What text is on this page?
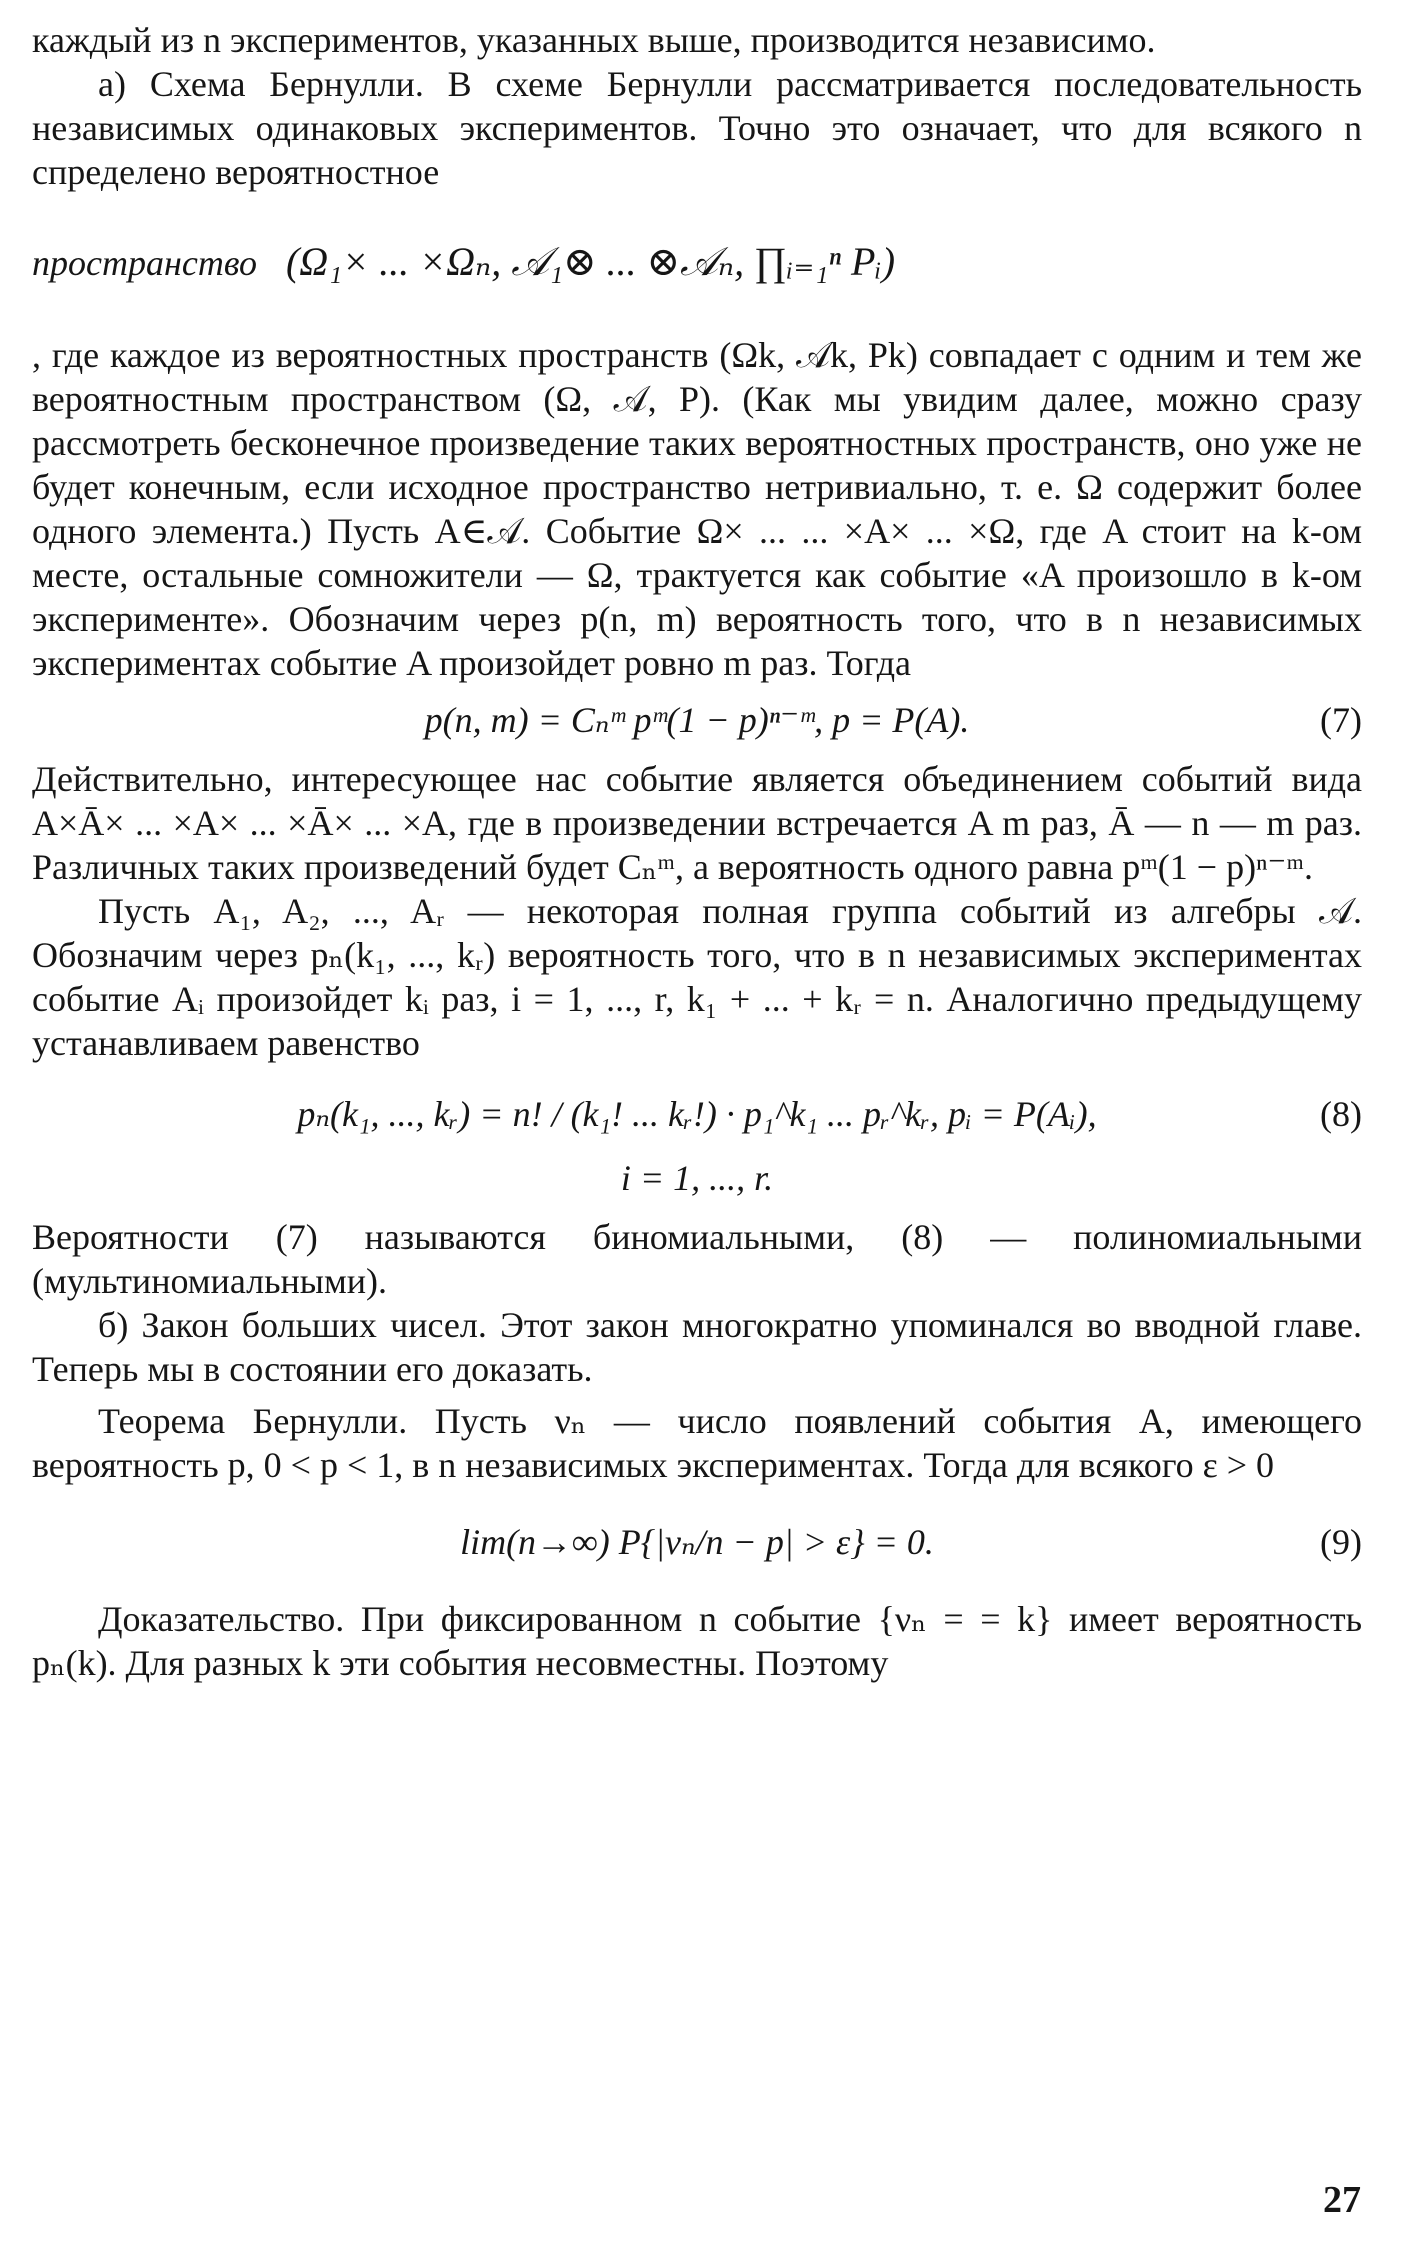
каждый из n экспериментов, указанных выше, производится независимо.

а) Схема Бернулли. В схеме Бернулли рассматривается последовательность независимых одинаковых экспериментов. Точно это означает, что для всякого n спределено вероятностное

пространство (Ω₁× ... ×Ωₙ, 𝒜₁⊗ ... ⊗𝒜ₙ, ∏ᵢ₌₁ⁿ Pᵢ)

, где каждое из вероятностных пространств (Ωk, 𝒜k, Pk) совпадает с одним и тем же вероятностным пространством (Ω, 𝒜, P). (Как мы увидим далее, можно сразу рассмотреть бесконечное произведение таких вероятностных пространств, оно уже не будет конечным, если исходное пространство нетривиально, т. е. Ω содержит более одного элемента.) Пусть A∈𝒜. Событие Ω× ... ... ×A× ... ×Ω, где A стоит на k-ом месте, остальные сомножители — Ω, трактуется как событие «A произошло в k-ом эксперименте». Обозначим через p(n, m) вероятность того, что в n независимых экспериментах событие A произойдет ровно m раз. Тогда

p(n, m) = Cₙᵐ pᵐ(1 − p)ⁿ⁻ᵐ, p = P(A).	(7)

Действительно, интересующее нас событие является объединением событий вида A×Ā× ... ×A× ... ×Ā× ... ×A, где в произведении встречается A m раз, Ā — n — m раз. Различных таких произведений будет Cₙᵐ, а вероятность одного равна pᵐ(1 − p)ⁿ⁻ᵐ.

Пусть A₁, A₂, ..., Aᵣ — некоторая полная группа событий из алгебры 𝒜. Обозначим через pₙ(k₁, ..., kᵣ) вероятность того, что в n независимых экспериментах событие Aᵢ произойдет kᵢ раз, i = 1, ..., r, k₁ + ... + kᵣ = n. Аналогично предыдущему устанавливаем равенство

pₙ(k₁, ..., kᵣ) = n! / (k₁! ... kᵣ!) · p₁^k₁ ... pᵣ^kᵣ, pᵢ = P(Aᵢ),	(8)
i = 1, ..., r.

Вероятности (7) называются биномиальными, (8) — полиномиальными (мультиномиальными).

б) Закон больших чисел. Этот закон многократно упоминался во вводной главе. Теперь мы в состоянии его доказать.

Теорема Бернулли. Пусть νₙ — число появлений события A, имеющего вероятность p, 0 < p < 1, в n независимых экспериментах. Тогда для всякого ε > 0

lim(n→∞) P{|νₙ/n − p| > ε} = 0.	(9)

Доказательство. При фиксированном n событие {νₙ = = k} имеет вероятность pₙ(k). Для разных k эти события несовместны. Поэтому

27
